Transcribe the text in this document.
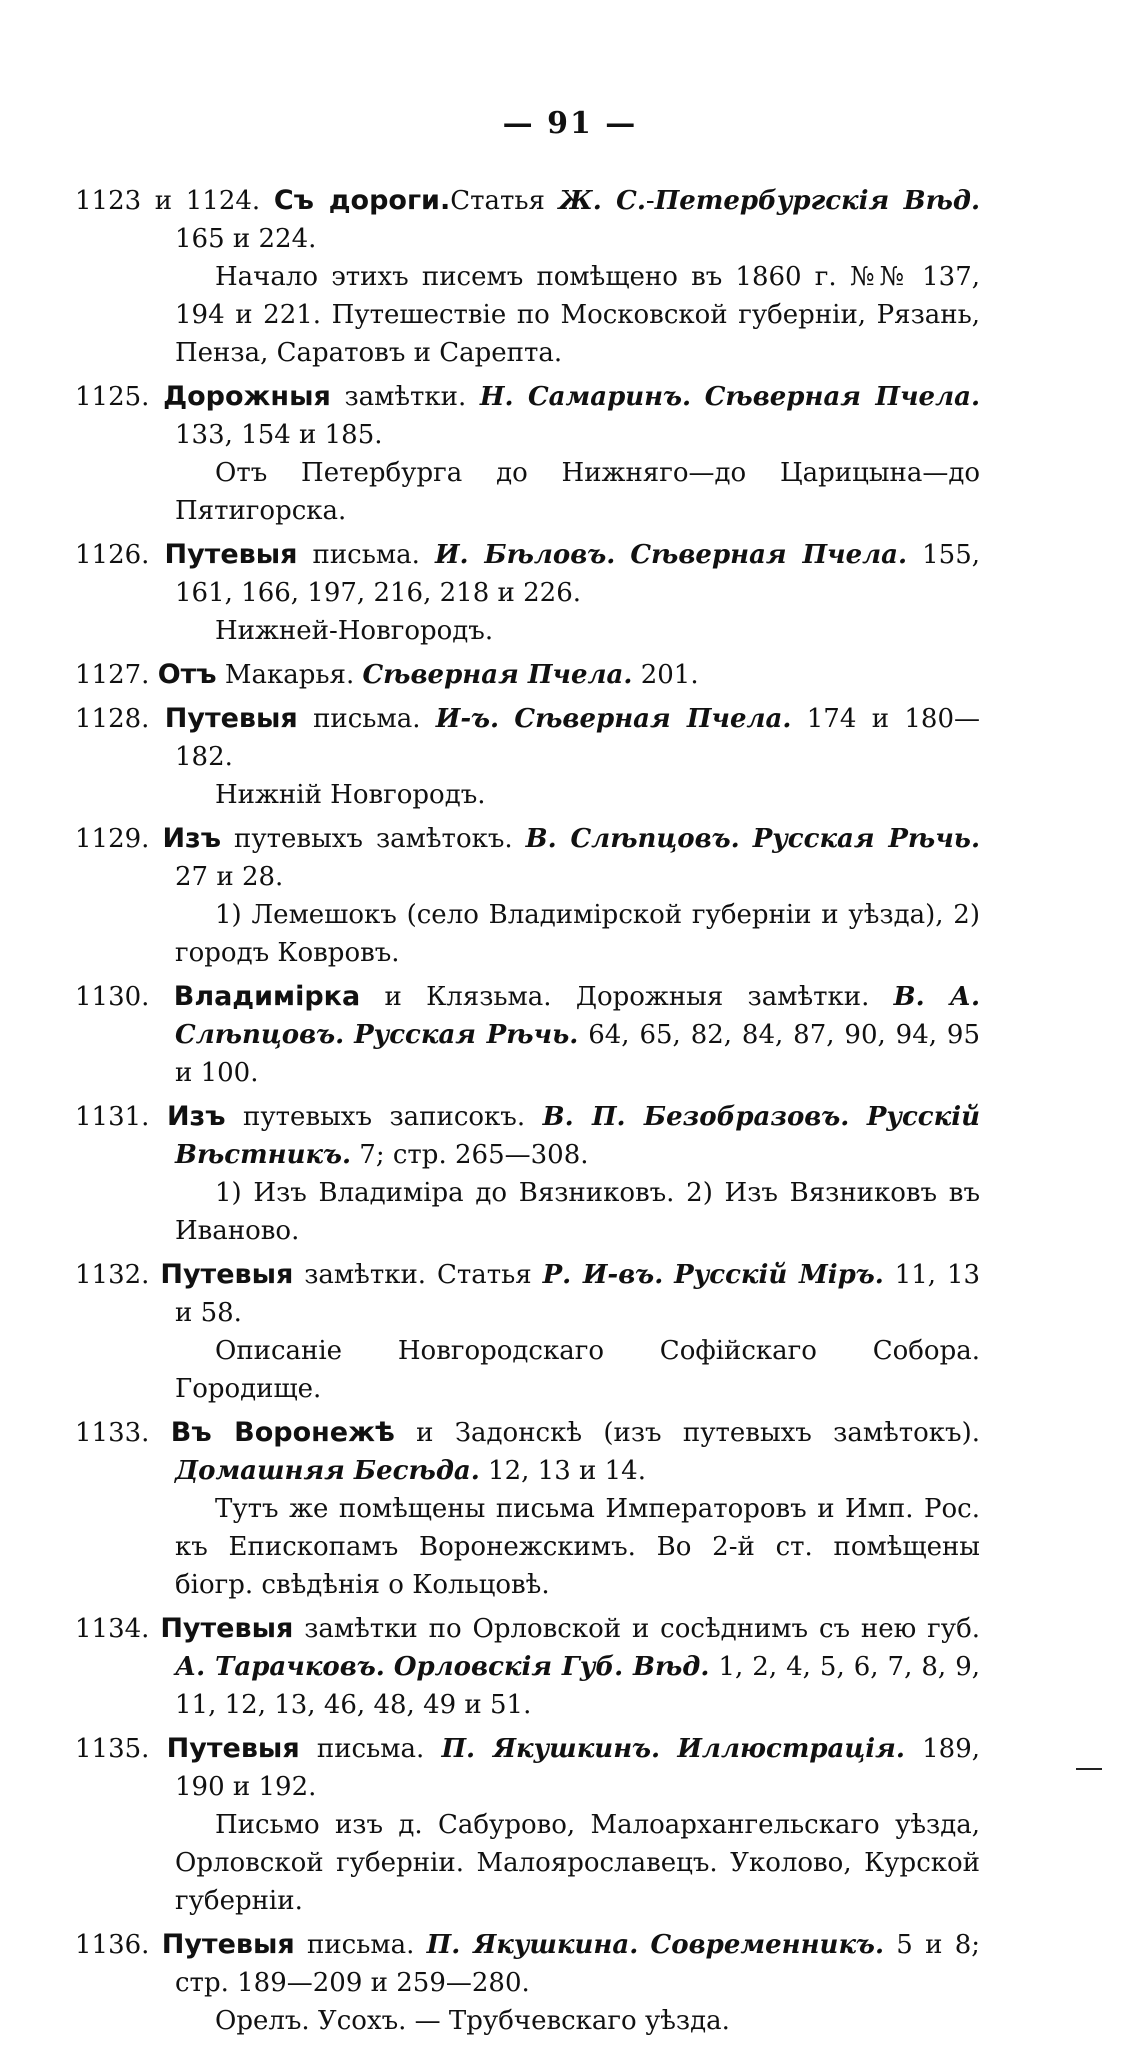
— 91 —
1123 и 1124. Съ дороги.Статья Ж. С.-Петербургскія Вѣд. 165 и 224.
Начало этихъ писемъ помѣщено въ 1860 г. №№ 137, 194 и 221. Путешествіе по Московской губерніи, Рязань, Пенза, Саратовъ и Сарепта.
1125. Дорожныя замѣтки. Н. Самаринъ. Сѣверная Пчела. 133, 154 и 185.
Отъ Петербурга до Нижняго—до Царицына—до Пятигорска.
1126. Путевыя письма. И. Бѣловъ. Сѣверная Пчела. 155, 161, 166, 197, 216, 218 и 226.
Нижней-Новгородъ.
1127. Отъ Макарья. Сѣверная Пчела. 201.
1128. Путевыя письма. И-ъ. Сѣверная Пчела. 174 и 180—182.
Нижній Новгородъ.
1129. Изъ путевыхъ замѣтокъ. В. Слѣпцовъ. Русская Рѣчь. 27 и 28.
1) Лемешокъ (село Владимірской губерніи и уѣзда), 2) городъ Ковровъ.
1130. Владимірка и Клязьма. Дорожныя замѣтки. В. А. Слѣпцовъ. Русская Рѣчь. 64, 65, 82, 84, 87, 90, 94, 95 и 100.
1131. Изъ путевыхъ записокъ. В. П. Безобразовъ. Русскій Вѣстникъ. 7; стр. 265—308.
1) Изъ Владиміра до Вязниковъ. 2) Изъ Вязниковъ въ Иваново.
1132. Путевыя замѣтки. Статья Р. И-въ. Русскій Міръ. 11, 13 и 58.
Описаніе Новгородскаго Софійскаго Собора. Городище.
1133. Въ Воронежѣ и Задонскѣ (изъ путевыхъ замѣтокъ). Домашняя Бесѣда. 12, 13 и 14.
Тутъ же помѣщены письма Императоровъ и Имп. Рос. къ Епископамъ Воронежскимъ. Во 2-й ст. помѣщены біогр. свѣдѣнія о Кольцовѣ.
1134. Путевыя замѣтки по Орловской и сосѣднимъ съ нею губ. А. Тарачковъ. Орловскія Губ. Вѣд. 1, 2, 4, 5, 6, 7, 8, 9, 11, 12, 13, 46, 48, 49 и 51.
1135. Путевыя письма. П. Якушкинъ. Иллюстрація. 189, 190 и 192.
Письмо изъ д. Сабурово, Малоархангельскаго уѣзда, Орловской губерніи. Малоярославецъ. Уколово, Курской губерніи.
1136. Путевыя письма. П. Якушкина. Современникъ. 5 и 8; стр. 189—209 и 259—280.
Орелъ. Усохъ. — Трубчевскаго уѣзда.
